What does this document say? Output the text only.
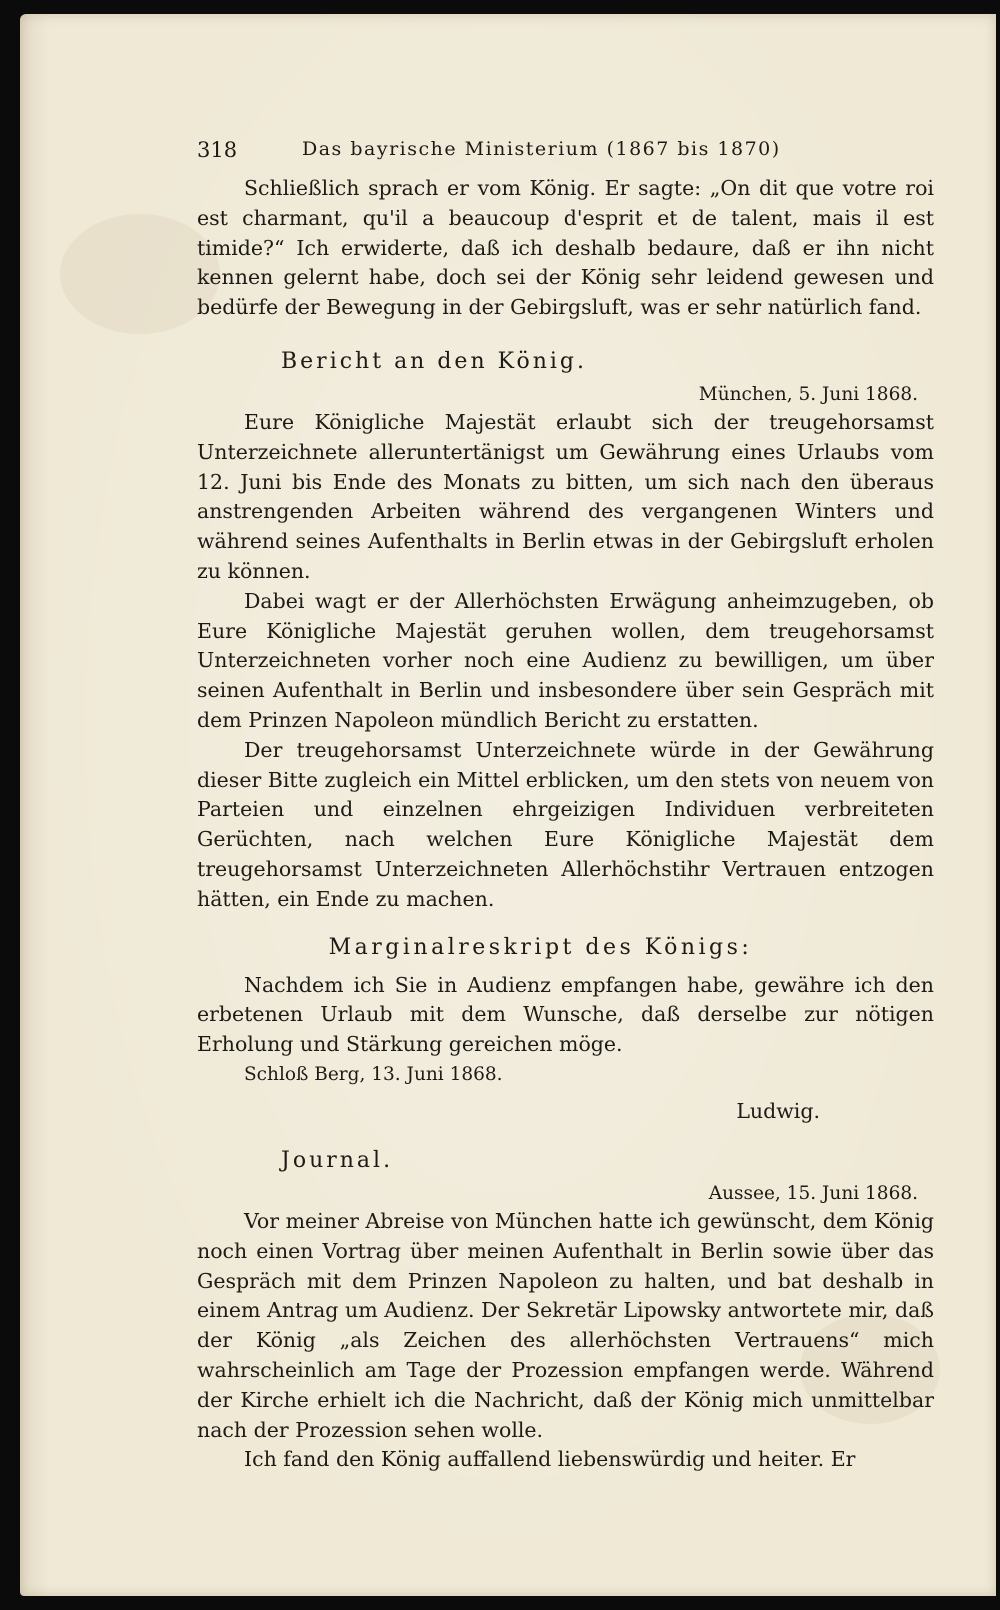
318	Das bayrische Ministerium (1867 bis 1870)

Schließlich sprach er vom König. Er sagte: „On dit que votre roi est charmant, qu'il a beaucoup d'esprit et de talent, mais il est timide?“ Ich erwiderte, daß ich deshalb bedaure, daß er ihn nicht kennen gelernt habe, doch sei der König sehr leidend gewesen und bedürfe der Bewegung in der Gebirgsluft, was er sehr natürlich fand.

Bericht an den König.
München, 5. Juni 1868.

Eure Königliche Majestät erlaubt sich der treugehorsamst Unterzeichnete alleruntertänigst um Gewährung eines Urlaubs vom 12. Juni bis Ende des Monats zu bitten, um sich nach den überaus anstrengenden Arbeiten während des vergangenen Winters und während seines Aufenthalts in Berlin etwas in der Gebirgsluft erholen zu können.

Dabei wagt er der Allerhöchsten Erwägung anheimzugeben, ob Eure Königliche Majestät geruhen wollen, dem treugehorsamst Unterzeichneten vorher noch eine Audienz zu bewilligen, um über seinen Aufenthalt in Berlin und insbesondere über sein Gespräch mit dem Prinzen Napoleon mündlich Bericht zu erstatten.

Der treugehorsamst Unterzeichnete würde in der Gewährung dieser Bitte zugleich ein Mittel erblicken, um den stets von neuem von Parteien und einzelnen ehrgeizigen Individuen verbreiteten Gerüchten, nach welchen Eure Königliche Majestät dem treugehorsamst Unterzeichneten Allerhöchstihr Vertrauen entzogen hätten, ein Ende zu machen.

Marginalreskript des Königs:

Nachdem ich Sie in Audienz empfangen habe, gewähre ich den erbetenen Urlaub mit dem Wunsche, daß derselbe zur nötigen Erholung und Stärkung gereichen möge.

Schloß Berg, 13. Juni 1868.
Ludwig.
Journal.
Aussee, 15. Juni 1868.

Vor meiner Abreise von München hatte ich gewünscht, dem König noch einen Vortrag über meinen Aufenthalt in Berlin sowie über das Gespräch mit dem Prinzen Napoleon zu halten, und bat deshalb in einem Antrag um Audienz. Der Sekretär Lipowsky antwortete mir, daß der König „als Zeichen des allerhöchsten Vertrauens“ mich wahrscheinlich am Tage der Prozession empfangen werde. Während der Kirche erhielt ich die Nachricht, daß der König mich unmittelbar nach der Prozession sehen wolle.

Ich fand den König auffallend liebenswürdig und heiter. Er
